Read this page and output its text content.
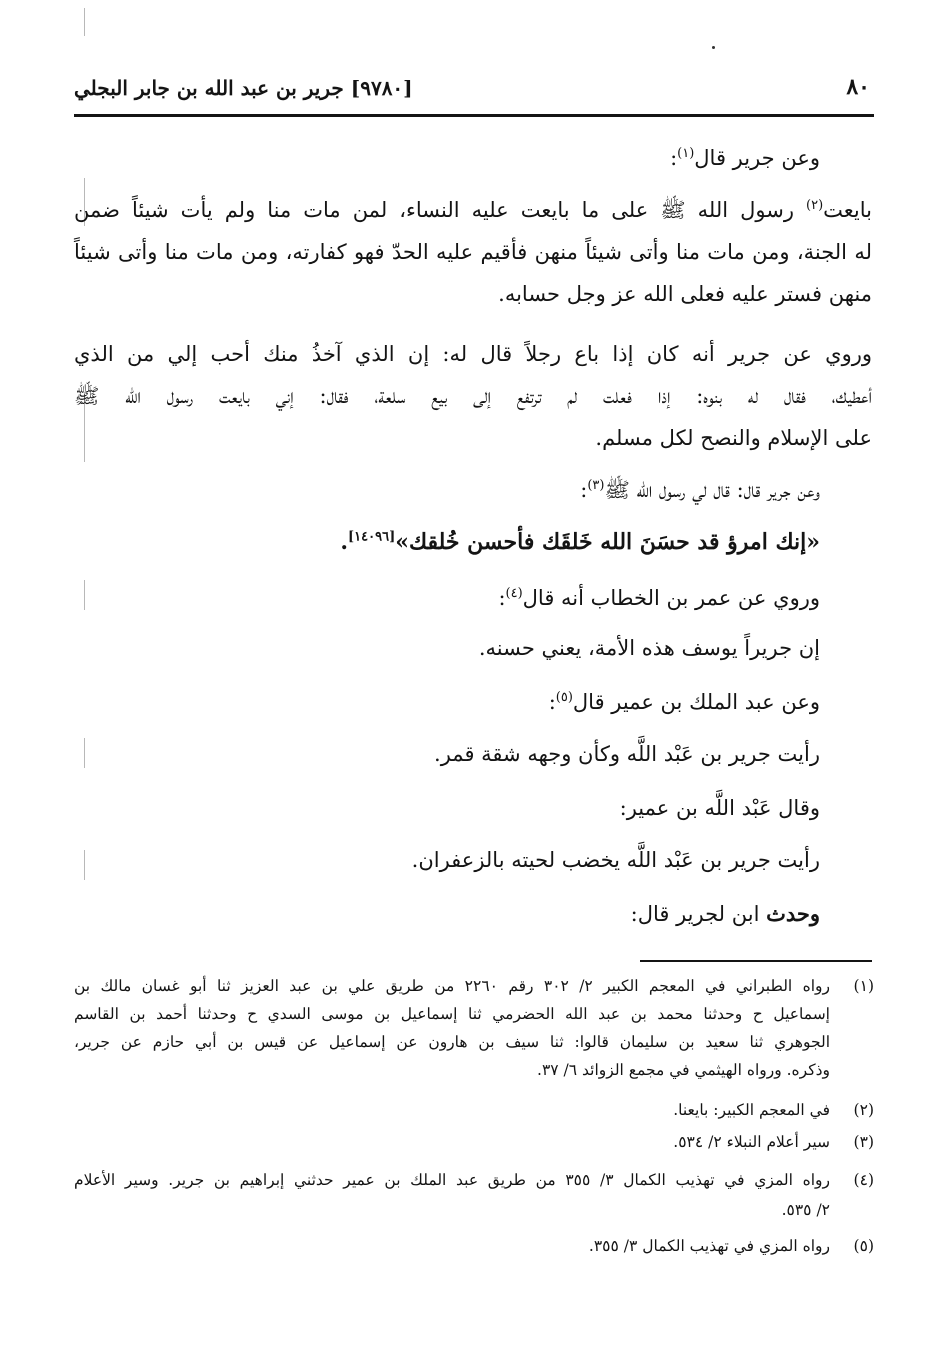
٨٠
[٩٧٨٠] جرير بن عبد الله بن جابر البجلي
وعن جرير قال$^{(١)}$:
بايعت$^{(٢)}$ رسول الله ﷺ على ما بايعت عليه النساء، لمن مات منا ولم يأت شيئاً ضمن
له الجنة، ومن مات منا وأتى شيئاً منهن فأقيم عليه الحدّ فهو كفارته، ومن مات منا وأتى شيئاً
منهن فستر عليه فعلى الله عز وجل حسابه.
وروي عن جرير أنه كان إذا باع رجلاً قال له: إن الذي آخذُ منك أحب إلي من الذي
أعطيك، فقال له بنوه: إذا فعلت لم ترتفع إلى بيع سلعة، فقال: إني بايعت رسول الله ﷺ
على الإسلام والنصح لكل مسلم.
وعن جرير قال: قال لي رسول الله ﷺ$^{(٣)}$:
«إنك امرؤ قد حسَنَ الله خَلقَك فأحسن خُلقك»[١٤٠٩٦].
وروي عن عمر بن الخطاب أنه قال$^{(٤)}$:
إن جريراً يوسف هذه الأمة، يعني حسنه.
وعن عبد الملك بن عمير قال$^{(٥)}$:
رأيت جرير بن عَبْد اللَّه وكأن وجهه شقة قمر.
وقال عَبْد اللَّه بن عمير:
رأيت جرير بن عَبْد اللَّه يخضب لحيته بالزعفران.
وحدث ابن لجرير قال:
(١)
رواه الطبراني في المعجم الكبير ٢/ ٣٠٢ رقم ٢٢٦٠ من طريق علي بن عبد العزيز ثنا أبو غسان مالك بن
إسماعيل ح وحدثنا محمد بن عبد الله الحضرمي ثنا إسماعيل بن موسى السدي ح وحدثنا أحمد بن القاسم
الجوهري ثنا سعيد بن سليمان قالوا: ثنا سيف بن هارون عن إسماعيل عن قيس بن أبي حازم عن جرير،
وذكره. ورواه الهيثمي في مجمع الزوائد ٦/ ٣٧.
(٢)
في المعجم الكبير: بايعنا.
(٣)
سير أعلام النبلاء ٢/ ٥٣٤.
(٤)
رواه المزي في تهذيب الكمال ٣/ ٣٥٥ من طريق عبد الملك بن عمير حدثني إبراهيم بن جرير. وسير الأعلام
٢/ ٥٣٥.
(٥)
رواه المزي في تهذيب الكمال ٣/ ٣٥٥.
